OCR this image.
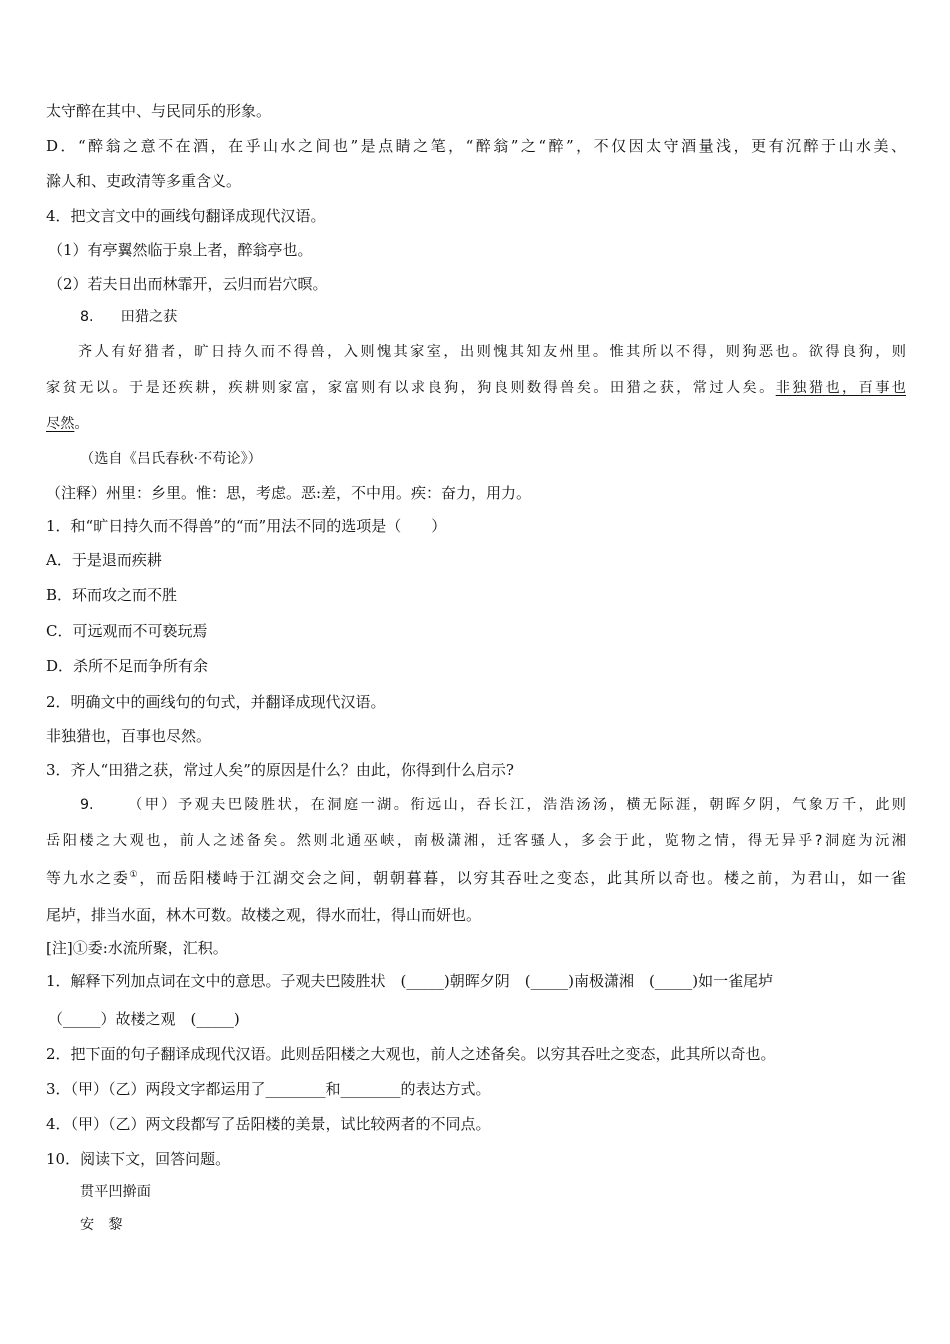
太守醉在其中、与民同乐的形象。
D．“醉翁之意不在酒，在乎山水之间也”是点睛之笔，“醉翁”之“醉”，不仅因太守酒量浅，更有沉醉于山水美、
滁人和、吏政清等多重含义。
4．把文言文中的画线句翻译成现代汉语。
（1）有亭翼然临于泉上者，醉翁亭也。
（2）若夫日出而林霏开，云归而岩穴暝。
8. 田猎之获
齐人有好猎者，旷日持久而不得兽，入则愧其家室，出则愧其知友州里。惟其所以不得，则狗恶也。欲得良狗，则
家贫无以。于是还疾耕，疾耕则家富，家富则有以求良狗，狗良则数得兽矣。田猎之获，常过人矣。非独猎也，百事也
尽然。
（选自《吕氏春秋·不苟论》）
（注释）州里：乡里。惟：思，考虑。恶:差，不中用。疾：奋力，用力。
1．和“旷日持久而不得兽”的“而”用法不同的选项是（　　）
A．于是退而疾耕
B．环而攻之而不胜
C．可远观而不可亵玩焉
D．杀所不足而争所有余
2．明确文中的画线句的句式，并翻译成现代汉语。
非独猎也，百事也尽然。
3．齐人“田猎之获，常过人矣”的原因是什么？由此，你得到什么启示?
9. （甲）予观夫巴陵胜状，在洞庭一湖。衔远山，吞长江，浩浩汤汤，横无际涯，朝晖夕阴，气象万千，此则
岳阳楼之大观也，前人之述备矣。然则北通巫峡，南极潇湘，迁客骚人，多会于此，览物之情，得无异乎?洞庭为沅湘
等九水之委①，而岳阳楼峙于江湖交会之间，朝朝暮暮，以穷其吞吐之变态，此其所以奇也。楼之前，为君山，如一雀
尾垆，排当水面，林木可数。故楼之观，得水而壮，得山而妍也。
[注]①委:水流所聚，汇积。
1．解释下列加点词在文中的意思。子观夫巴陵胜状　(_____)朝晖夕阴　(_____)南极潇湘　(_____)如一雀尾垆
（_____）故楼之观　(_____)
2．把下面的句子翻译成现代汉语。此则岳阳楼之大观也，前人之述备矣。以穷其吞吐之变态，此其所以奇也。
3．（甲）（乙）两段文字都运用了________和________的表达方式。
4．（甲）（乙）两文段都写了岳阳楼的美景，试比较两者的不同点。
10．阅读下文，回答问题。
贯平凹擀面
安　黎
